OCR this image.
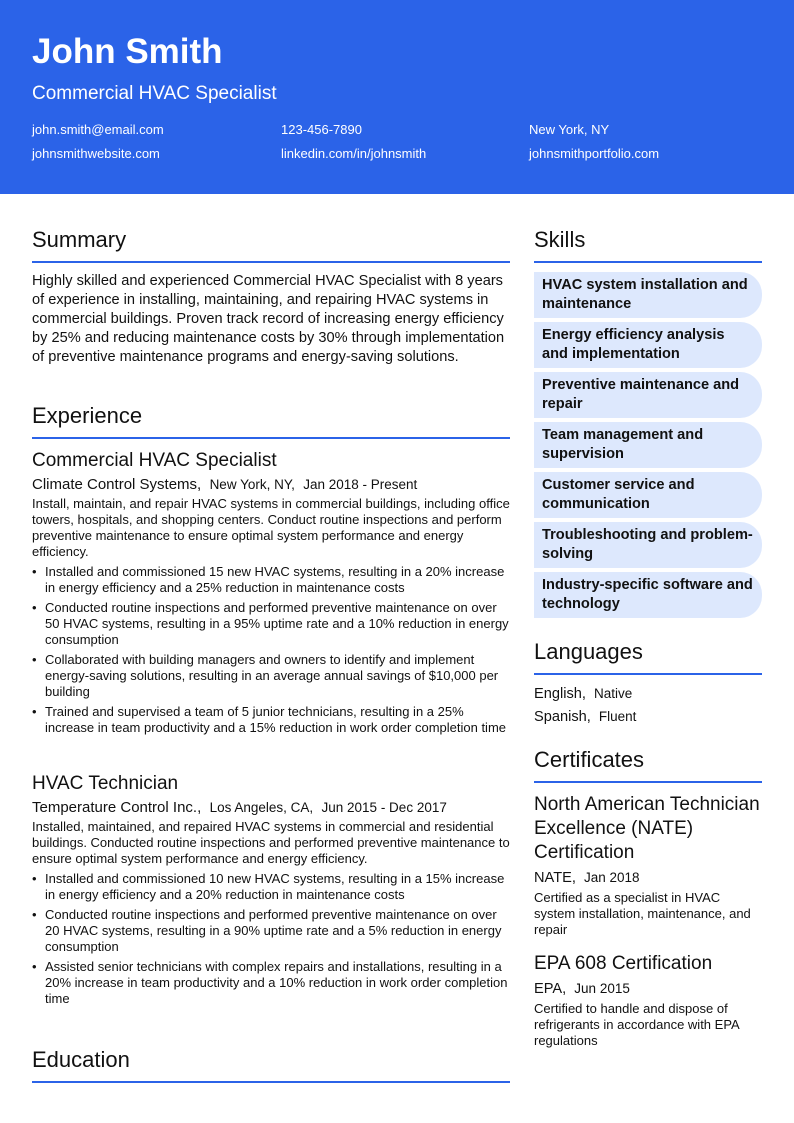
John Smith
Commercial HVAC Specialist
john.smith@email.com	123-456-7890	New York, NY
johnsmithwebsite.com	linkedin.com/in/johnsmith	johnsmithportfolio.com
Summary
Highly skilled and experienced Commercial HVAC Specialist with 8 years of experience in installing, maintaining, and repairing HVAC systems in commercial buildings. Proven track record of increasing energy efficiency by 25% and reducing maintenance costs by 30% through implementation of preventive maintenance programs and energy-saving solutions.
Experience
Commercial HVAC Specialist
Climate Control Systems, New York, NY, Jan 2018 - Present
Install, maintain, and repair HVAC systems in commercial buildings, including office towers, hospitals, and shopping centers. Conduct routine inspections and perform preventive maintenance to ensure optimal system performance and energy efficiency.
• Installed and commissioned 15 new HVAC systems, resulting in a 20% increase in energy efficiency and a 25% reduction in maintenance costs
• Conducted routine inspections and performed preventive maintenance on over 50 HVAC systems, resulting in a 95% uptime rate and a 10% reduction in energy consumption
• Collaborated with building managers and owners to identify and implement energy-saving solutions, resulting in an average annual savings of $10,000 per building
• Trained and supervised a team of 5 junior technicians, resulting in a 25% increase in team productivity and a 15% reduction in work order completion time
HVAC Technician
Temperature Control Inc., Los Angeles, CA, Jun 2015 - Dec 2017
Installed, maintained, and repaired HVAC systems in commercial and residential buildings. Conducted routine inspections and performed preventive maintenance to ensure optimal system performance and energy efficiency.
• Installed and commissioned 10 new HVAC systems, resulting in a 15% increase in energy efficiency and a 20% reduction in maintenance costs
• Conducted routine inspections and performed preventive maintenance on over 20 HVAC systems, resulting in a 90% uptime rate and a 5% reduction in energy consumption
• Assisted senior technicians with complex repairs and installations, resulting in a 20% increase in team productivity and a 10% reduction in work order completion time
Education
Skills
HVAC system installation and maintenance
Energy efficiency analysis and implementation
Preventive maintenance and repair
Team management and supervision
Customer service and communication
Troubleshooting and problem-solving
Industry-specific software and technology
Languages
English, Native
Spanish, Fluent
Certificates
North American Technician Excellence (NATE) Certification
NATE, Jan 2018
Certified as a specialist in HVAC system installation, maintenance, and repair
EPA 608 Certification
EPA, Jun 2015
Certified to handle and dispose of refrigerants in accordance with EPA regulations
